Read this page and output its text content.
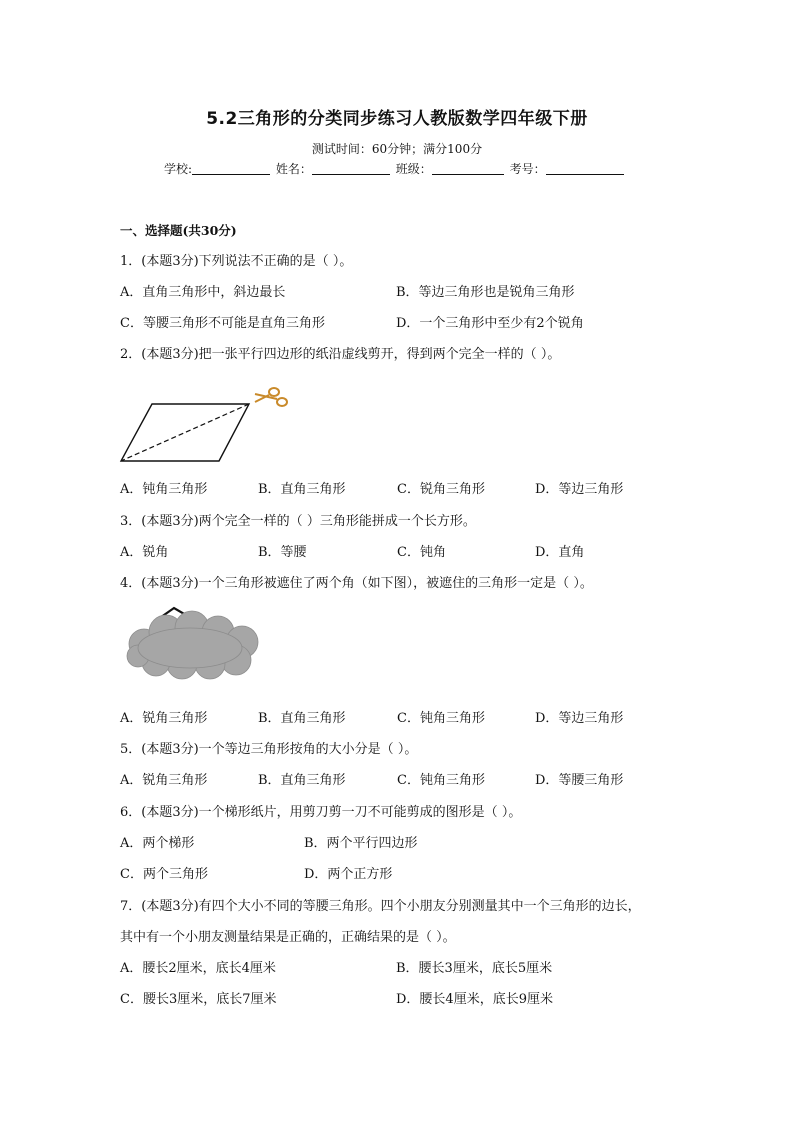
5.2三角形的分类同步练习人教版数学四年级下册
测试时间：60分钟；满分100分
学校:	姓名：	班级：	考号：
一、选择题(共30分)
1．(本题3分)下列说法不正确的是（ ）。
A．直角三角形中，斜边最长	B．等边三角形也是锐角三角形
C．等腰三角形不可能是直角三角形	D．一个三角形中至少有2个锐角
2．(本题3分)把一张平行四边形的纸沿虚线剪开，得到两个完全一样的（ ）。
A．钝角三角形	B．直角三角形	C．锐角三角形	D．等边三角形
3．(本题3分)两个完全一样的（ ）三角形能拼成一个长方形。
A．锐角	B．等腰	C．钝角	D．直角
4．(本题3分)一个三角形被遮住了两个角（如下图），被遮住的三角形一定是（ ）。
A．锐角三角形	B．直角三角形	C．钝角三角形	D．等边三角形
5．(本题3分)一个等边三角形按角的大小分是（ ）。
A．锐角三角形	B．直角三角形	C．钝角三角形	D．等腰三角形
6．(本题3分)一个梯形纸片，用剪刀剪一刀不可能剪成的图形是（ ）。
A．两个梯形	B．两个平行四边形
C．两个三角形	D．两个正方形
7．(本题3分)有四个大小不同的等腰三角形。四个小朋友分别测量其中一个三角形的边长，
其中有一个小朋友测量结果是正确的，正确结果的是（ ）。
A．腰长2厘米，底长4厘米	B．腰长3厘米，底长5厘米
C．腰长3厘米，底长7厘米	D．腰长4厘米，底长9厘米
